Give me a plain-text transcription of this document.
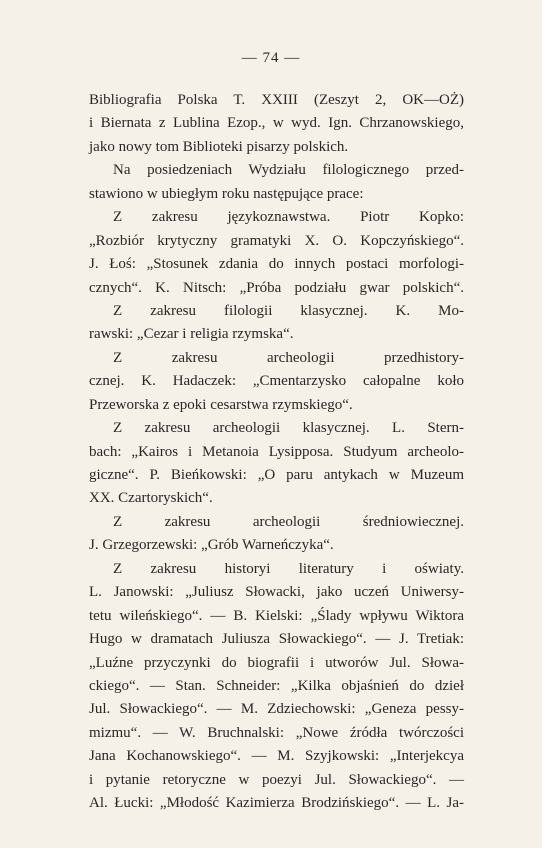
— 74 —
Bibliografia Polska T. XXIII (Zeszyt 2, OK—OŻ)
i Biernata z Lublina Ezop., w wyd. Ign. Chrzanowskiego,
jako nowy tom Biblioteki pisarzy polskich.
Na posiedzeniach Wydziału filologicznego przed-
stawiono w ubiegłym roku następujące prace:
Z zakresu językoznawstwa. Piotr Kopko:
„Rozbiór krytyczny gramatyki X. O. Kopczyńskiego“.
J. Łoś: „Stosunek zdania do innych postaci morfologi-
cznych“. K. Nitsch: „Próba podziału gwar polskich“.
Z zakresu filologii klasycznej. K. Mo-
rawski: „Cezar i religia rzymska“.
Z zakresu archeologii przedhistory-
cznej. K. Hadaczek: „Cmentarzysko całopalne koło
Przeworska z epoki cesarstwa rzymskiego“.
Z zakresu archeologii klasycznej. L. Stern-
bach: „Kairos i Metanoia Lysipposa. Studyum archeolo-
giczne“. P. Bieńkowski: „O paru antykach w Muzeum
XX. Czartoryskich“.
Z zakresu archeologii średniowiecznej.
J. Grzegorzewski: „Grób Warneńczyka“.
Z zakresu historyi literatury i oświaty.
L. Janowski: „Juliusz Słowacki, jako uczeń Uniwersy-
tetu wileńskiego“. — B. Kielski: „Ślady wpływu Wiktora
Hugo w dramatach Juliusza Słowackiego“. — J. Tretiak:
„Luźne przyczynki do biografii i utworów Jul. Słowa-
ckiego“. — Stan. Schneider: „Kilka objaśnień do dzieł
Jul. Słowackiego“. — M. Zdziechowski: „Geneza pessy-
mizmu“. — W. Bruchnalski: „Nowe źródła twórczości
Jana Kochanowskiego“. — M. Szyjkowski: „Interjekcya
i pytanie retoryczne w poezyi Jul. Słowackiego“. —
Al. Łucki: „Młodość Kazimierza Brodzińskiego“. — L. Ja-
